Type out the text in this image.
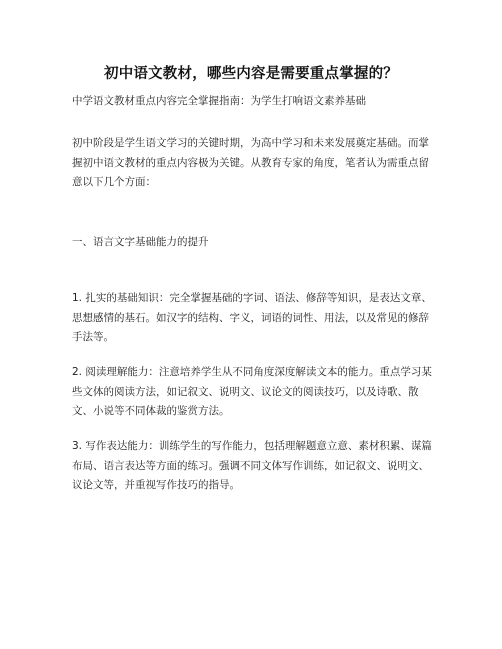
初中语文教材，哪些内容是需要重点掌握的？
中学语文教材重点内容完全掌握指南：为学生打响语文素养基础

初中阶段是学生语文学习的关键时期，为高中学习和未来发展奠定基础。而掌握初中语文教材的重点内容极为关键。从教育专家的角度，笔者认为需重点留意以下几个方面：

一、语言文字基础能力的提升

1. 扎实的基础知识：完全掌握基础的字词、语法、修辞等知识，是表达文章、思想感情的基石。如汉字的结构、字义，词语的词性、用法，以及常见的修辞手法等。

2. 阅读理解能力：注意培养学生从不同角度深度解读文本的能力。重点学习某些文体的阅读方法，如记叙文、说明文、议论文的阅读技巧，以及诗歌、散文、小说等不同体裁的鉴赏方法。

3. 写作表达能力：训练学生的写作能力，包括理解题意立意、素材积累、谋篇布局、语言表达等方面的练习。强调不同文体写作训练，如记叙文、说明文、议论文等，并重视写作技巧的指导。
